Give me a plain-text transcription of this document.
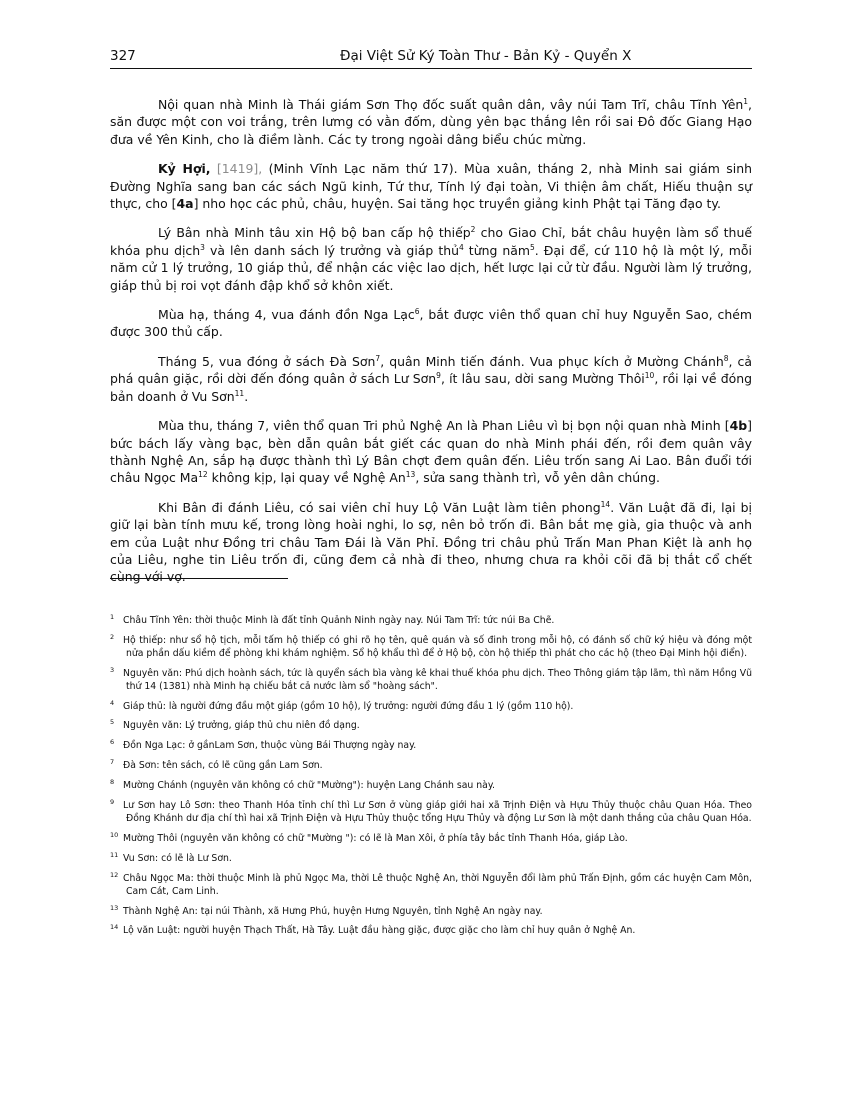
327	Đại Việt Sử Ký Toàn Thư - Bản Kỷ - Quyển X

Nội quan nhà Minh là Thái giám Sơn Thọ đốc suất quân dân, vây núi Tam Trĩ, châu Tĩnh Yên$^1$, săn được một con voi trắng, trên lưmg có vằn đốm, dùng yên bạc thắng lên rồi sai Đô đốc Giang Hạo đưa về Yên Kinh, cho là điềm lành. Các ty trong ngoài dâng biểu chúc mừng.

Kỷ Hợi, [1419], (Minh Vĩnh Lạc năm thứ 17). Mùa xuân, tháng 2, nhà Minh sai giám sinh Đường Nghĩa sang ban các sách Ngũ kinh, Tứ thư, Tính lý đại toàn, Vi thiện âm chất, Hiếu thuận sự thực, cho [4a] nho học các phủ, châu, huyện. Sai tăng học truyền giảng kinh Phật tại Tăng đạo ty.

Lý Bân nhà Minh tâu xin Hộ bộ ban cấp hộ thiếp$^2$ cho Giao Chỉ, bắt châu huyện làm sổ thuế khóa phu dịch$^3$ và lên danh sách lý trưởng và giáp thủ$^4$ từng năm$^5$. Đại để, cứ 110 hộ là một lý, mỗi năm cử 1 lý trưởng, 10 giáp thủ, để nhận các việc lao dịch, hết lược lại cử từ đầu. Người làm lý trưởng, giáp thủ bị roi vọt đánh đập khổ sở khôn xiết.

Mùa hạ, tháng 4, vua đánh đồn Nga Lạc$^6$, bắt được viên thổ quan chỉ huy Nguyễn Sao, chém được 300 thủ cấp.

Tháng 5, vua đóng ở sách Đà Sơn$^7$, quân Minh tiến đánh. Vua phục kích ở Mường Chánh$^8$, cả phá quân giặc, rồi dời đến đóng quân ở sách Lư Sơn$^9$, ít lâu sau, dời sang Mường Thôi$^{10}$, rồi lại về đóng bản doanh ở Vu Sơn$^{11}$.

Mùa thu, tháng 7, viên thổ quan Tri phủ Nghệ An là Phan Liêu vì bị bọn nội quan nhà Minh [4b] bức bách lấy vàng bạc, bèn dẫn quân bắt giết các quan do nhà Minh phái đến, rồi đem quân vây thành Nghệ An, sắp hạ được thành thì Lý Bân chợt đem quân đến. Liêu trốn sang Ai Lao. Bân đuổi tới châu Ngọc Ma$^{12}$ không kịp, lại quay về Nghệ An$^{13}$, sửa sang thành trì, vỗ yên dân chúng.

Khi Bân đi đánh Liêu, có sai viên chỉ huy Lộ Văn Luật làm tiên phong$^{14}$. Văn Luật đã đi, lại bị giữ lại bàn tính mưu kế, trong lòng hoài nghi, lo sợ, nên bỏ trốn đi. Bân bắt mẹ già, gia thuộc và anh em của Luật như Đồng tri châu Tam Đái là Văn Phỉ. Đồng tri châu phủ Trấn Man Phan Kiệt là anh họ của Liêu, nghe tin Liêu trốn đi, cũng đem cả nhà đi theo, nhưng chưa ra khỏi cõi đã bị thắt cổ chết cùng với vợ.

$^1$ Châu Tĩnh Yên: thời thuộc Minh là đất tỉnh Quảnh Ninh ngày nay. Núi Tam Trĩ: tức núi Ba Chẽ.

$^2$ Hộ thiếp: như sổ hộ tịch, mỗi tấm hộ thiếp có ghi rõ họ tên, quê quán và số đinh trong mỗi hộ, có đánh số chữ ký hiệu và đóng một nửa phần dấu kiềm để phòng khi khám nghiệm. Sổ hộ khẩu thì để ở Hộ bộ, còn hộ thiếp thì phát cho các hộ (theo Đại Minh hội điển).

$^3$ Nguyên văn: Phú dịch hoành sách, tức là quyển sách bìa vàng kê khai thuế khóa phu dịch. Theo Thông giám tập lãm, thì năm Hồng Vũ thứ 14 (1381) nhà Minh hạ chiếu bắt cả nước làm sổ "hoàng sách".

$^4$ Giáp thủ: là người đứng đầu một giáp (gồm 10 hộ), lý trưởng: người đứng đầu 1 lý (gồm 110 hộ).

$^5$ Nguyên văn: Lý trưởng, giáp thủ chu niên đồ dạng.

$^6$ Đồn Nga Lạc: ở gầnLam Sơn, thuộc vùng Bái Thượng ngày nay.

$^7$ Đà Sơn: tên sách, có lẽ cũng gần Lam Sơn.

$^8$ Mường Chánh (nguyên văn không có chữ "Mường"): huyện Lang Chánh sau này.

$^9$ Lư Sơn hay Lô Sơn: theo Thanh Hóa tỉnh chí thì Lư Sơn ở vùng giáp giới hai xã Trịnh Điện và Hựu Thủy thuộc châu Quan Hóa. Theo Đồng Khánh dư địa chí thì hai xã Trịnh Điện và Hựu Thủy thuộc tổng Hựu Thủy và động Lư Sơn là một danh thắng của châu Quan Hóa.

$^{10}$ Mường Thôi (nguyên văn không có chữ "Mường "): có lẽ là Man Xôi, ở phía tây bắc tỉnh Thanh Hóa, giáp Lào.

$^{11}$ Vu Sơn: có lẽ là Lư Sơn.

$^{12}$ Châu Ngọc Ma: thời thuộc Minh là phủ Ngọc Ma, thời Lê thuộc Nghệ An, thời Nguyễn đổi làm phủ Trấn Định, gồm các huyện Cam Môn, Cam Cát, Cam Linh.

$^{13}$ Thành Nghệ An: tại núi Thành, xã Hưng Phú, huyện Hưng Nguyên, tỉnh Nghệ An ngày nay.

$^{14}$ Lộ văn Luật: người huyện Thạch Thất, Hà Tây. Luật đầu hàng giặc, được giặc cho làm chỉ huy quân ở Nghệ An.
